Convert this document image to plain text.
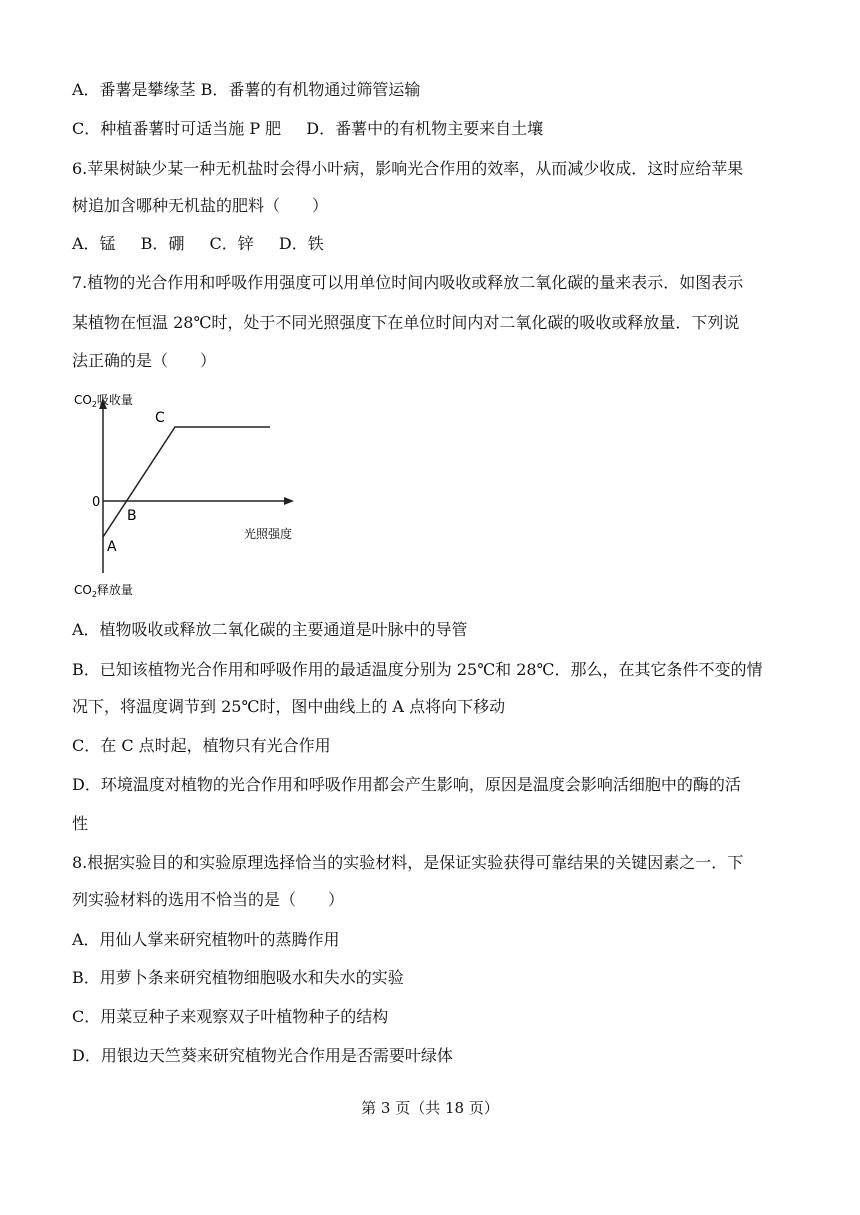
A．番薯是攀缘茎 B．番薯的有机物通过筛管运输
C．种植番薯时可适当施 P 肥 D．番薯中的有机物主要来自土壤
6.苹果树缺少某一种无机盐时会得小叶病，影响光合作用的效率，从而减少收成．这时应给苹果
树追加含哪种无机盐的肥料（　　）
A．锰 B．硼 C．锌 D．铁
7.植物的光合作用和呼吸作用强度可以用单位时间内吸收或释放二氧化碳的量来表示．如图表示
某植物在恒温 28℃时，处于不同光照强度下在单位时间内对二氧化碳的吸收或释放量．下列说
法正确的是（　　）
$CO_2$吸收量
0
B
A
C
光照强度
$CO_2$释放量
A．植物吸收或释放二氧化碳的主要通道是叶脉中的导管
B．已知该植物光合作用和呼吸作用的最适温度分别为 25℃和 28℃．那么，在其它条件不变的情
况下，将温度调节到 25℃时，图中曲线上的 A 点将向下移动
C．在 C 点时起，植物只有光合作用
D．环境温度对植物的光合作用和呼吸作用都会产生影响，原因是温度会影响活细胞中的酶的活
性
8.根据实验目的和实验原理选择恰当的实验材料，是保证实验获得可靠结果的关键因素之一．下
列实验材料的选用不恰当的是（　　）
A．用仙人掌来研究植物叶的蒸腾作用
B．用萝卜条来研究植物细胞吸水和失水的实验
C．用菜豆种子来观察双子叶植物种子的结构
D．用银边天竺葵来研究植物光合作用是否需要叶绿体
第 3 页（共 18 页）
